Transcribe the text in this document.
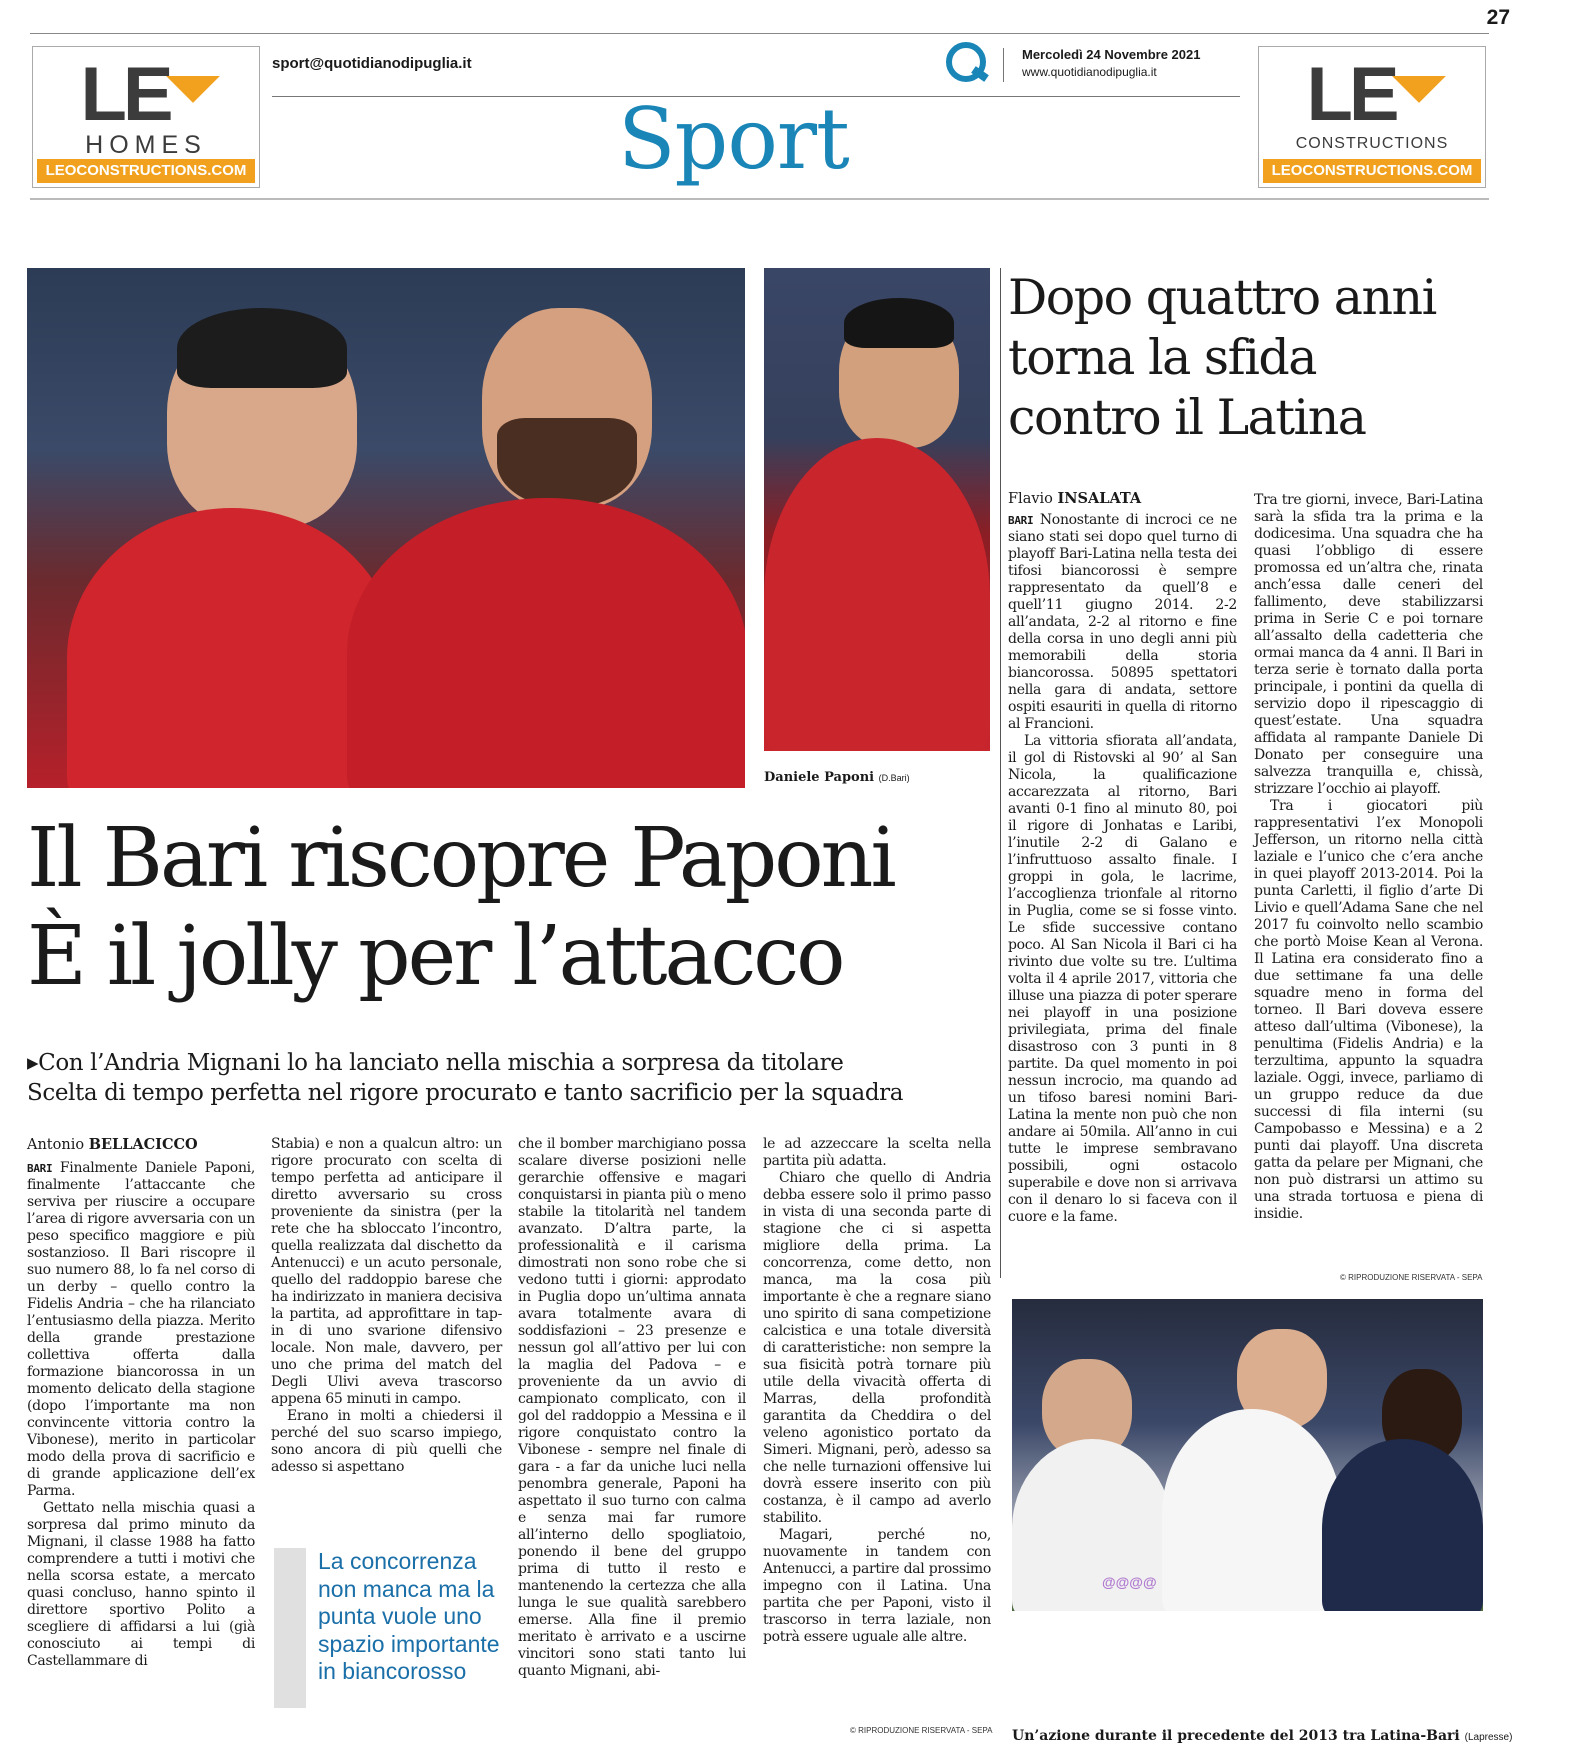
27
LE
HOMES
LEOCONSTRUCTIONS.COM
LE
CONSTRUCTIONS
LEOCONSTRUCTIONS.COM
sport@quotidianodipuglia.it
Mercoledì 24 Novembre 2021
www.quotidianodipuglia.it
Sport
Daniele Paponi (D.Bari)
Dopo quattro anni
torna la sfida
contro il Latina
Il Bari riscopre Paponi
È il jolly per l’attacco
▸Con l’Andria Mignani lo ha lanciato nella mischia a sorpresa da titolare
Scelta di tempo perfetta nel rigore procurato e tanto sacrificio per la squadra
Antonio BELLACICCO

BARI Finalmente Daniele Paponi, finalmente l’attaccante che serviva per riuscire a occupare l’area di rigore avversaria con un peso specifico maggiore e più sostanzioso. Il Bari riscopre il suo numero 88, lo fa nel corso di un derby – quello contro la Fidelis Andria – che ha rilanciato l’entusiasmo della piazza. Merito della grande prestazione collettiva offerta dalla formazione biancorossa in un momento delicato della stagione (dopo l’importante ma non convincente vittoria contro la Vibonese), merito in particolar modo della prova di sacrificio e di grande applicazione dell’ex Parma.

Gettato nella mischia quasi a sorpresa dal primo minuto da Mignani, il classe 1988 ha fatto comprendere a tutti i motivi che nella scorsa estate, a mercato quasi concluso, hanno spinto il direttore sportivo Polito a scegliere di affidarsi a lui (già conosciuto ai tempi di Castellammare di

Stabia) e non a qualcun altro: un rigore procurato con scelta di tempo perfetta ad anticipare il diretto avversario su cross proveniente da sinistra (per la rete che ha sbloccato l’incontro, quella realizzata dal dischetto da Antenucci) e un acuto personale, quello del raddoppio barese che ha indirizzato in maniera decisiva la partita, ad approfittare in tap-in di uno svarione difensivo locale. Non male, davvero, per uno che prima del match del Degli Ulivi aveva trascorso appena 65 minuti in campo.

Erano in molti a chiedersi il perché del suo scarso impiego, sono ancora di più quelli che adesso si aspettano

La concorrenza non manca ma la punta vuole uno spazio importante in biancorosso

che il bomber marchigiano possa scalare diverse posizioni nelle gerarchie offensive e magari conquistarsi in pianta più o meno stabile la titolarità nel tandem avanzato. D’altra parte, la professionalità e il carisma dimostrati non sono robe che si vedono tutti i giorni: approdato in Puglia dopo un’ultima annata avara totalmente avara di soddisfazioni – 23 presenze e nessun gol all’attivo per lui con la maglia del Padova – e proveniente da un avvio di campionato complicato, con il gol del raddoppio a Messina e il rigore conquistato contro la Vibonese - sempre nel finale di gara - a far da uniche luci nella penombra generale, Paponi ha aspettato il suo turno con calma e senza mai far rumore all’interno dello spogliatoio, ponendo il bene del gruppo prima di tutto il resto e mantenendo la certezza che alla lunga le sue qualità sarebbero emerse. Alla fine il premio meritato è arrivato e a uscirne vincitori sono stati tanto lui quanto Mignani, abi-

le ad azzeccare la scelta nella partita più adatta.

Chiaro che quello di Andria debba essere solo il primo passo in vista di una seconda parte di stagione che ci si aspetta migliore della prima. La concorrenza, come detto, non manca, ma la cosa più importante è che a regnare siano uno spirito di sana competizione calcistica e una totale diversità di caratteristiche: non sempre la sua fisicità potrà tornare più utile della vivacità offerta di Marras, della profondità garantita da Cheddira o del veleno agonistico portato da Simeri. Mignani, però, adesso sa che nelle turnazioni offensive lui dovrà essere inserito con più costanza, è il campo ad averlo stabilito.

Magari, perché no, nuovamente in tandem con Antenucci, a partire dal prossimo impegno con il Latina. Una partita che per Paponi, visto il trascorso in terra laziale, non potrà essere uguale alle altre.

© RIPRODUZIONE RISERVATA - SEPA
Flavio INSALATA

BARI Nonostante di incroci ce ne siano stati sei dopo quel turno di playoff Bari-Latina nella testa dei tifosi biancorossi è sempre rappresentato da quell’8 e quell’11 giugno 2014. 2-2 all’andata, 2-2 al ritorno e fine della corsa in uno degli anni più memorabili della storia biancorossa. 50895 spettatori nella gara di andata, settore ospiti esauriti in quella di ritorno al Francioni.

La vittoria sfiorata all’andata, il gol di Ristovski al 90’ al San Nicola, la qualificazione accarezzata al ritorno, Bari avanti 0-1 fino al minuto 80, poi il rigore di Jonhatas e Laribi, l’inutile 2-2 di Galano e l’infruttuoso assalto finale. I groppi in gola, le lacrime, l’accoglienza trionfale al ritorno in Puglia, come se si fosse vinto. Le sfide successive contano poco. Al San Nicola il Bari ci ha rivinto due volte su tre. L’ultima volta il 4 aprile 2017, vittoria che illuse una piazza di poter sperare nei playoff in una posizione privilegiata, prima del finale disastroso con 3 punti in 8 partite. Da quel momento in poi nessun incrocio, ma quando ad un tifoso baresi nomini Bari-Latina la mente non può che non andare ai 50mila. All’anno in cui tutte le imprese sembravano possibili, ogni ostacolo superabile e dove non si arrivava con il denaro lo si faceva con il cuore e la fame.

Tra tre giorni, invece, Bari-Latina sarà la sfida tra la prima e la dodicesima. Una squadra che ha quasi l’obbligo di essere promossa ed un’altra che, rinata anch’essa dalle ceneri del fallimento, deve stabilizzarsi prima in Serie C e poi tornare all’assalto della cadetteria che ormai manca da 4 anni. Il Bari in terza serie è tornato dalla porta principale, i pontini da quella di servizio dopo il ripescaggio di quest’estate. Una squadra affidata al rampante Daniele Di Donato per conseguire una salvezza tranquilla e, chissà, strizzare l’occhio ai playoff.

Tra i giocatori più rappresentativi l’ex Monopoli Jefferson, un ritorno nella città laziale e l’unico che c’era anche in quei playoff 2013-2014. Poi la punta Carletti, il figlio d’arte Di Livio e quell’Adama Sane che nel 2017 fu coinvolto nello scambio che portò Moise Kean al Verona. Il Latina era considerato fino a due settimane fa una delle squadre meno in forma del torneo. Il Bari doveva essere atteso dall’ultima (Vibonese), la penultima (Fidelis Andria) e la terzultima, appunto la squadra laziale. Oggi, invece, parliamo di un gruppo reduce da due successi di fila interni (su Campobasso e Messina) e a 2 punti dai playoff. Una discreta gatta da pelare per Mignani, che non può distrarsi un attimo su una strada tortuosa e piena di insidie.

© RIPRODUZIONE RISERVATA - SEPA
@@@@
Un’azione durante il precedente del 2013 tra Latina-Bari (Lapresse)
